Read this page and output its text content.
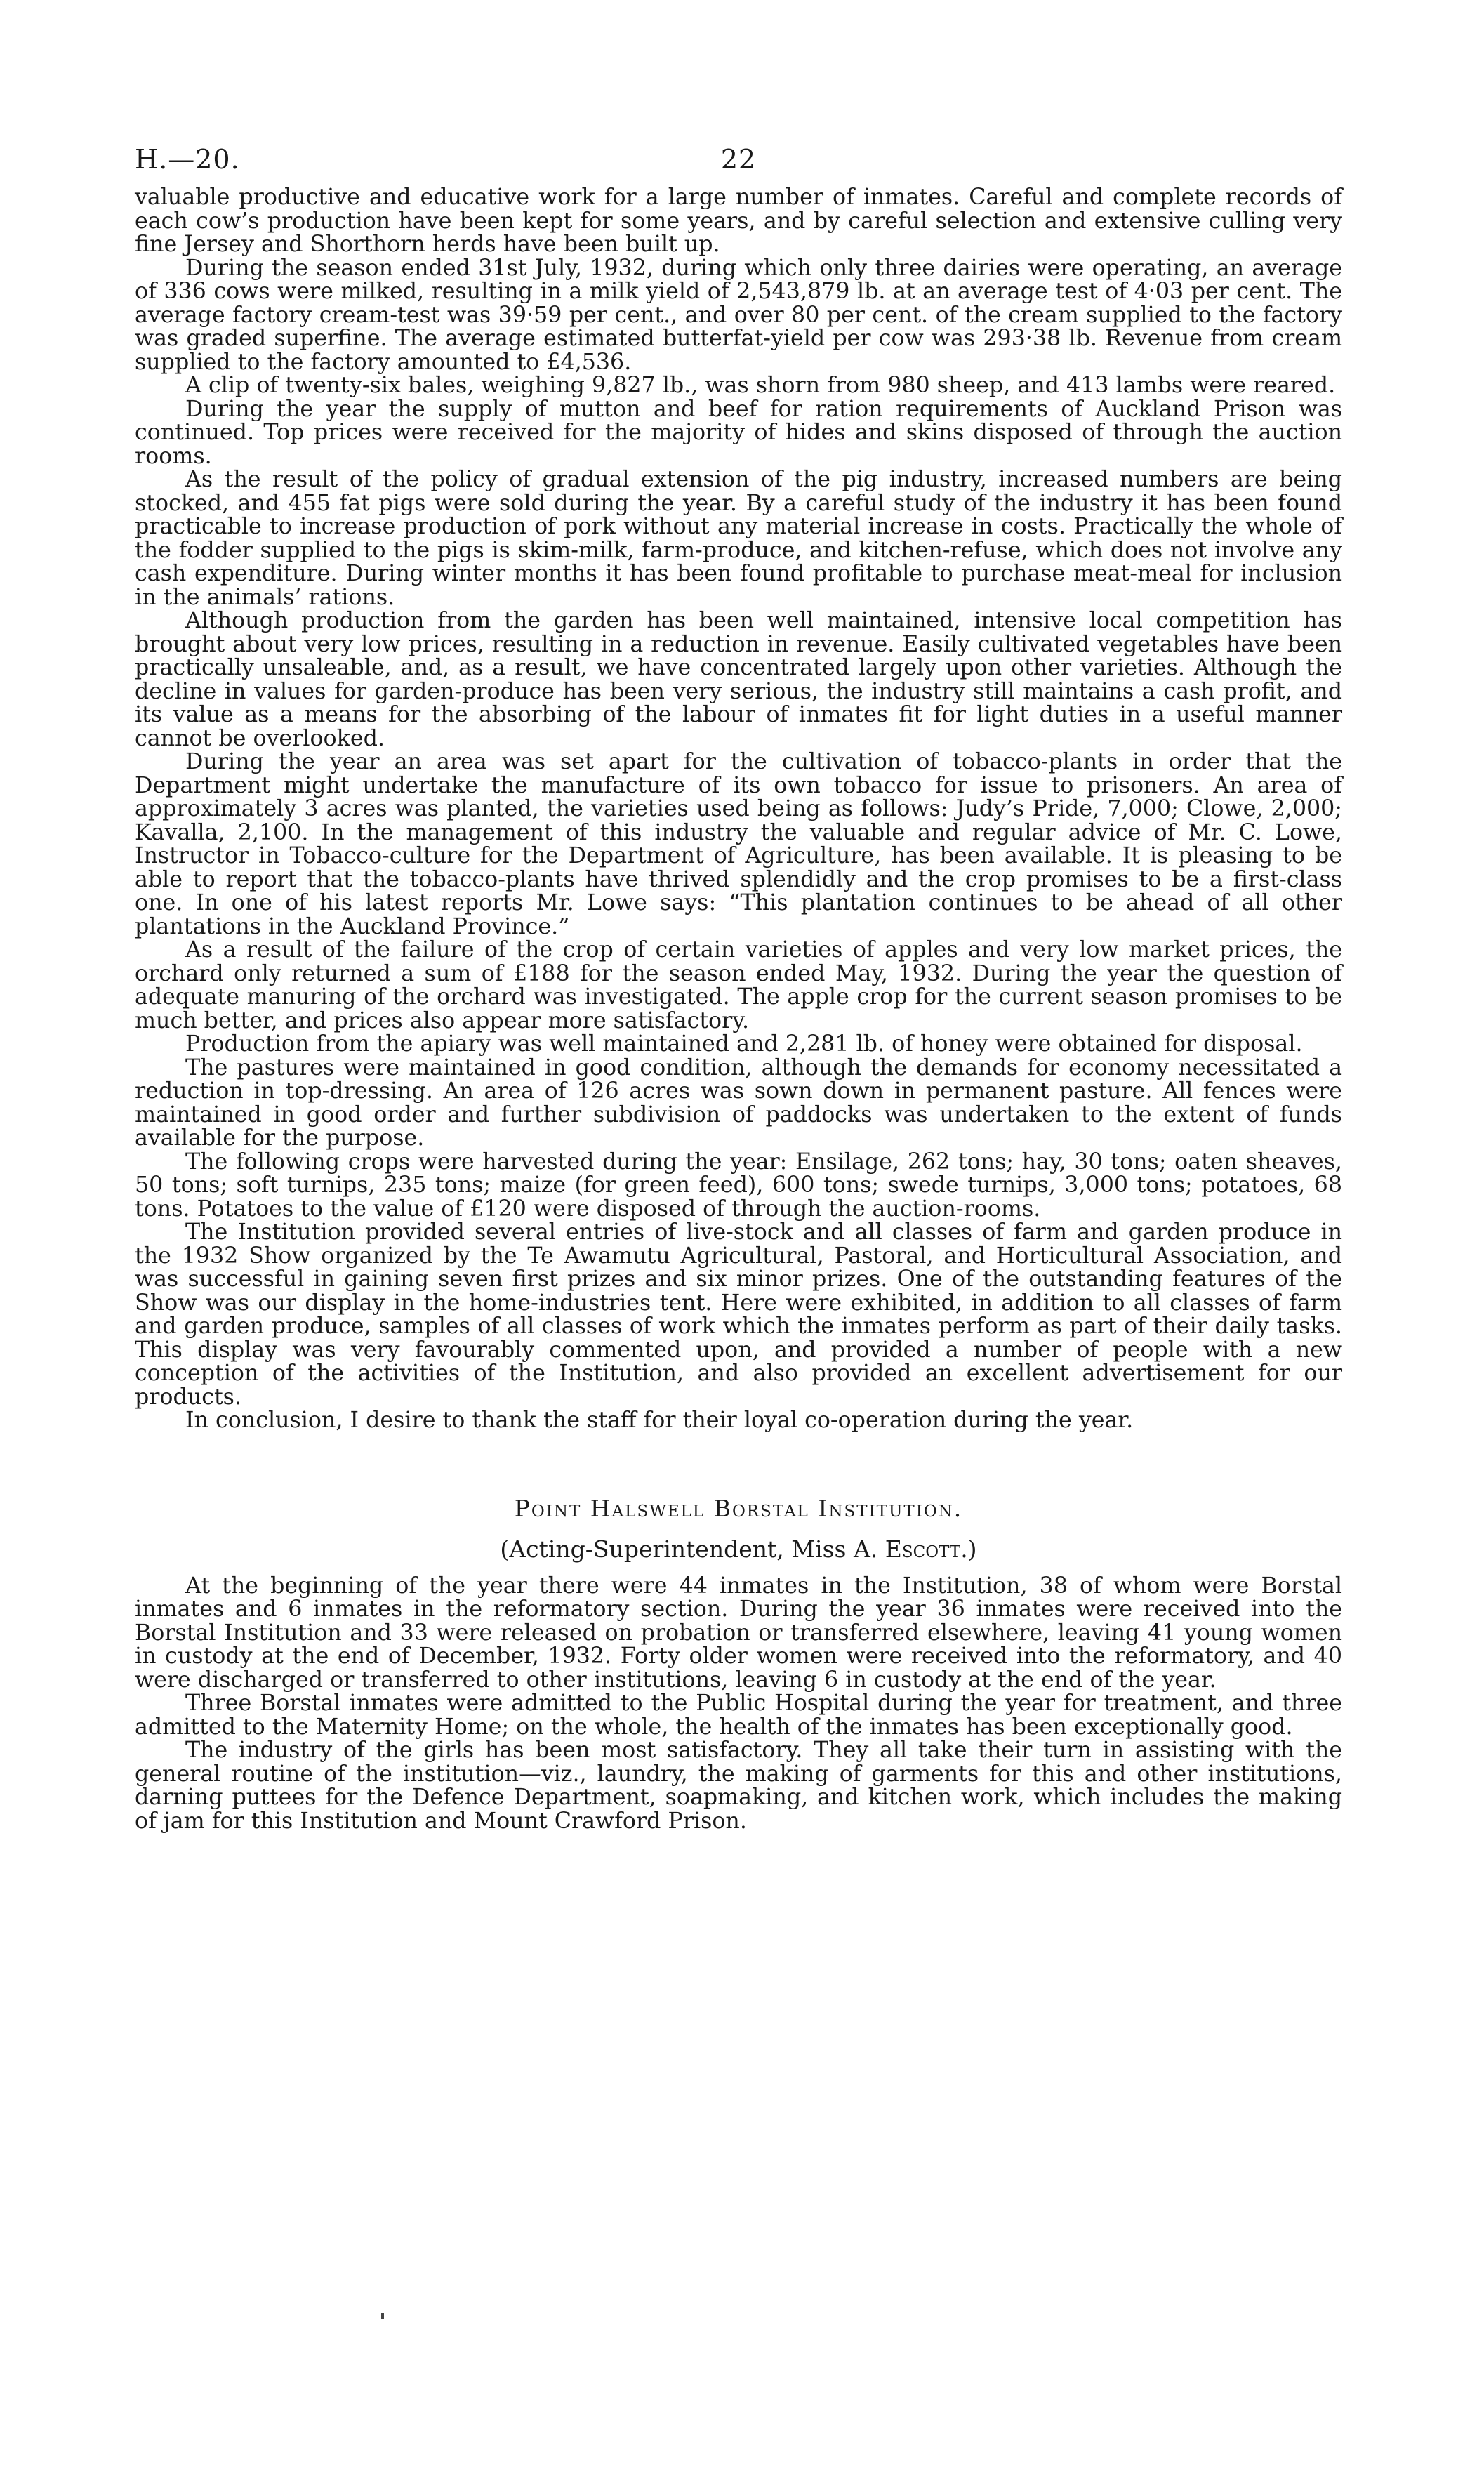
H.—20.	22

valuable productive and educative work for a large number of inmates. Careful and complete records of each cow’s production have been kept for some years, and by careful selection and extensive culling very fine Jersey and Shorthorn herds have been built up.

During the season ended 31st July, 1932, during which only three dairies were operating, an average of 336 cows were milked, resulting in a milk yield of 2,543,879 lb. at an average test of 4·03 per cent. The average factory cream-test was 39·59 per cent., and over 80 per cent. of the cream supplied to the factory was graded superfine. The average estimated butterfat-yield per cow was 293·38 lb. Revenue from cream supplied to the factory amounted to £4,536.

A clip of twenty-six bales, weighing 9,827 lb., was shorn from 980 sheep, and 413 lambs were reared.

During the year the supply of mutton and beef for ration requirements of Auckland Prison was continued. Top prices were received for the majority of hides and skins disposed of through the auction rooms.

As the result of the policy of gradual extension of the pig industry, increased numbers are being stocked, and 455 fat pigs were sold during the year. By a careful study of the industry it has been found practicable to increase production of pork without any material increase in costs. Practically the whole of the fodder supplied to the pigs is skim-milk, farm-produce, and kitchen-refuse, which does not involve any cash expenditure. During winter months it has been found profitable to purchase meat-meal for inclusion in the animals’ rations.

Although production from the garden has been well maintained, intensive local competition has brought about very low prices, resulting in a reduction in revenue. Easily cultivated vegetables have been practically unsaleable, and, as a result, we have concentrated largely upon other varieties. Although the decline in values for garden-produce has been very serious, the industry still maintains a cash profit, and its value as a means for the absorbing of the labour of inmates fit for light duties in a useful manner cannot be overlooked.

During the year an area was set apart for the cultivation of tobacco-plants in order that the Department might undertake the manufacture of its own tobacco for issue to prisoners. An area of approximately 3 acres was planted, the varieties used being as follows: Judy’s Pride, 7,000; Clowe, 2,000; Kavalla, 2,100. In the management of this industry the valuable and regular advice of Mr. C. Lowe, Instructor in Tobacco-culture for the Department of Agriculture, has been available. It is pleasing to be able to report that the tobacco-plants have thrived splendidly and the crop promises to be a first-class one. In one of his latest reports Mr. Lowe says: “This plantation continues to be ahead of all other plantations in the Auckland Province.”

As a result of the failure of the crop of certain varieties of apples and very low market prices, the orchard only returned a sum of £188 for the season ended May, 1932. During the year the question of adequate manuring of the orchard was investigated. The apple crop for the current season promises to be much better, and prices also appear more satisfactory.

Production from the apiary was well maintained and 2,281 lb. of honey were obtained for disposal.

The pastures were maintained in good condition, although the demands for economy necessitated a reduction in top-dressing. An area of 126 acres was sown down in permanent pasture. All fences were maintained in good order and further subdivision of paddocks was undertaken to the extent of funds available for the purpose.

The following crops were harvested during the year: Ensilage, 262 tons; hay, 30 tons; oaten sheaves, 50 tons; soft turnips, 235 tons; maize (for green feed), 600 tons; swede turnips, 3,000 tons; potatoes, 68 tons. Potatoes to the value of £120 were disposed of through the auction-rooms.

The Institution provided several entries of live-stock and all classes of farm and garden produce in the 1932 Show organized by the Te Awamutu Agricultural, Pastoral, and Horticultural Association, and was successful in gaining seven first prizes and six minor prizes. One of the outstanding features of the Show was our display in the home-industries tent. Here were exhibited, in addition to all classes of farm and garden produce, samples of all classes of work which the inmates perform as part of their daily tasks. This display was very favourably commented upon, and provided a number of people with a new conception of the activities of the Institution, and also provided an excellent advertisement for our products.

In conclusion, I desire to thank the staff for their loyal co-operation during the year.

Point Halswell Borstal Institution.
(Acting-Superintendent, Miss A. Escott.)

At the beginning of the year there were 44 inmates in the Institution, 38 of whom were Borstal inmates and 6 inmates in the reformatory section. During the year 36 inmates were received into the Borstal Institution and 33 were released on probation or transferred elsewhere, leaving 41 young women in custody at the end of December, 1932. Forty older women were received into the reformatory, and 40 were discharged or transferred to other institutions, leaving 6 in custody at the end of the year.

Three Borstal inmates were admitted to the Public Hospital during the year for treatment, and three admitted to the Maternity Home; on the whole, the health of the inmates has been exceptionally good.

The industry of the girls has been most satisfactory. They all take their turn in assisting with the general routine of the institution—viz., laundry, the making of garments for this and other institutions, darning puttees for the Defence Department, soapmaking, and kitchen work, which includes the making of jam for this Institution and Mount Crawford Prison.
